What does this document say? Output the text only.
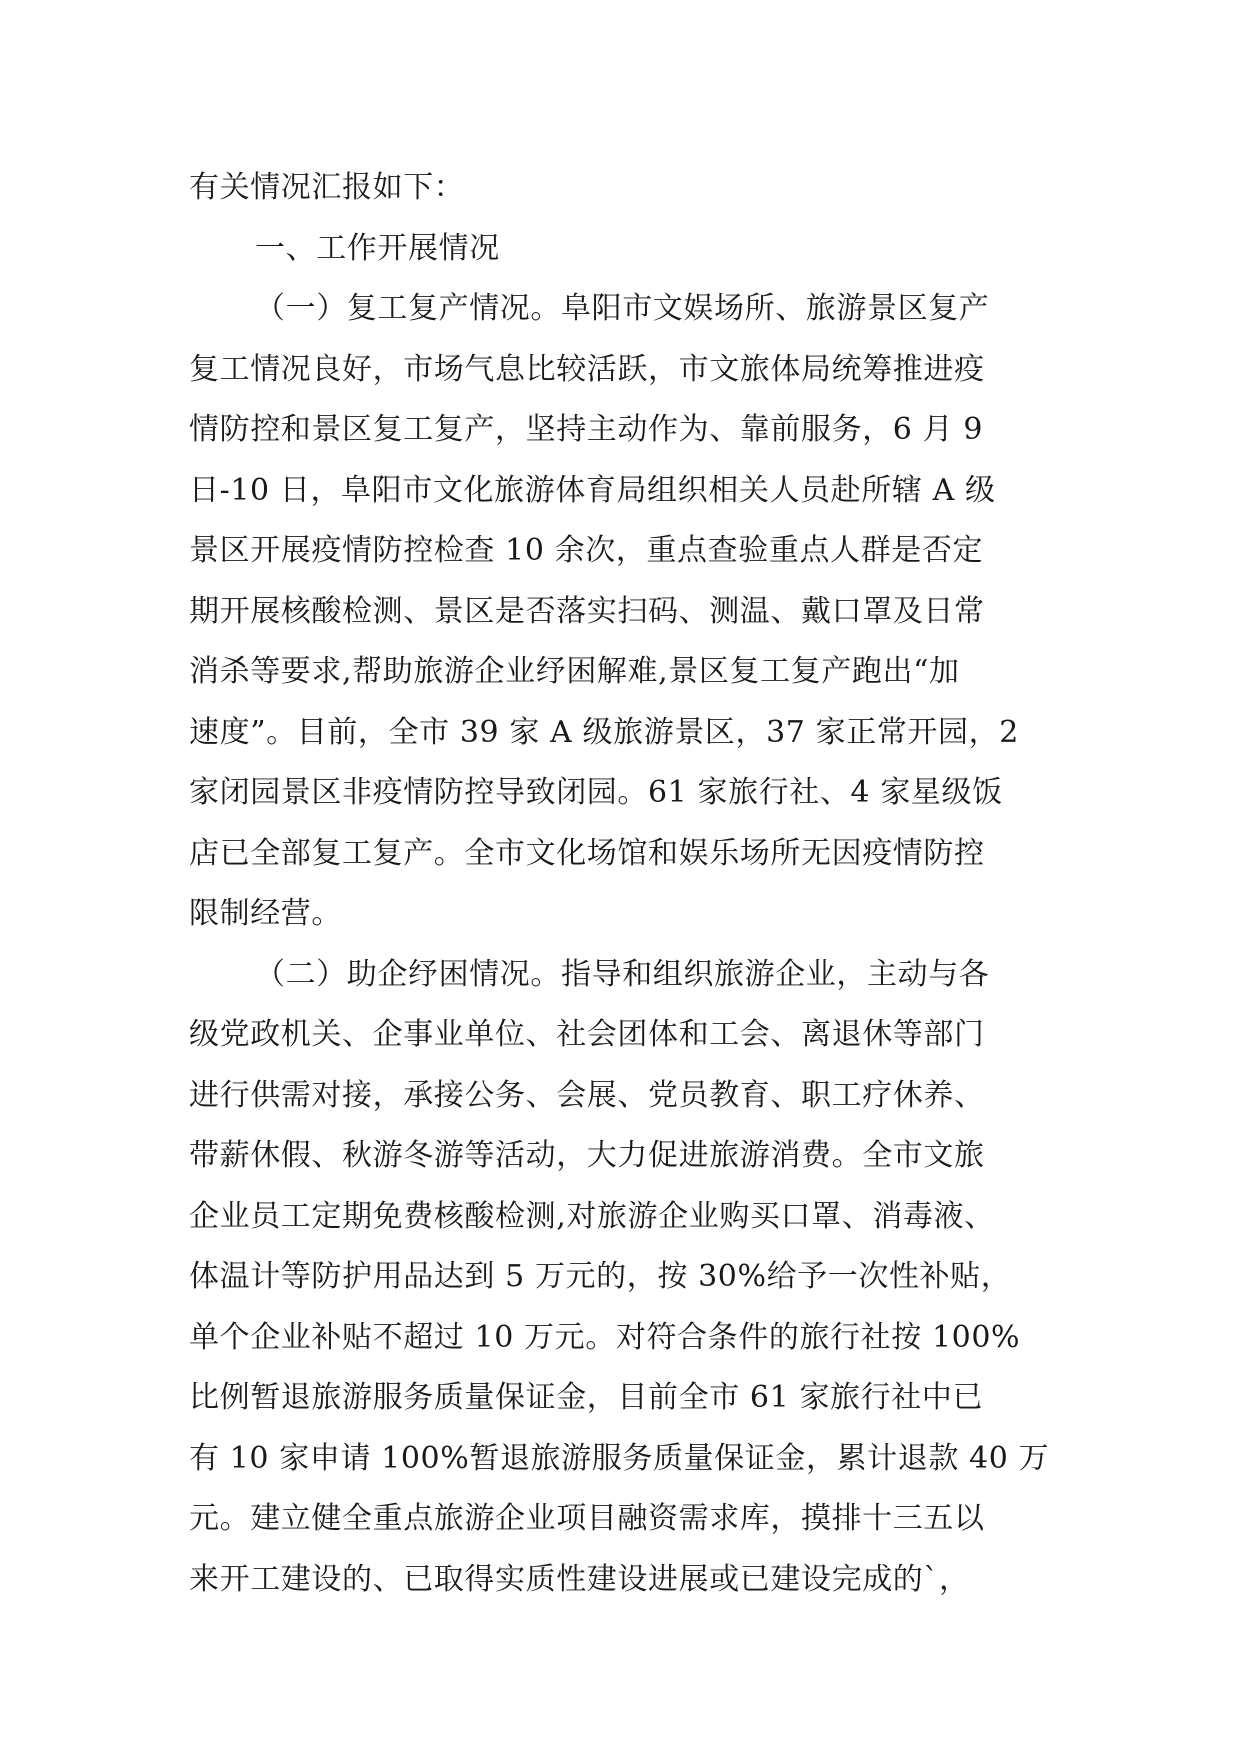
有关情况汇报如下：
一、工作开展情况
（一）复工复产情况。阜阳市文娱场所、旅游景区复产
复工情况良好，市场气息比较活跃，市文旅体局统筹推进疫
情防控和景区复工复产，坚持主动作为、靠前服务，6 月 9
日-10 日，阜阳市文化旅游体育局组织相关人员赴所辖 A 级
景区开展疫情防控检查 10 余次，重点查验重点人群是否定
期开展核酸检测、景区是否落实扫码、测温、戴口罩及日常
消杀等要求,帮助旅游企业纾困解难,景区复工复产跑出“加
速度”。目前，全市 39 家 A 级旅游景区，37 家正常开园，2
家闭园景区非疫情防控导致闭园。61 家旅行社、4 家星级饭
店已全部复工复产。全市文化场馆和娱乐场所无因疫情防控
限制经营。
（二）助企纾困情况。指导和组织旅游企业，主动与各
级党政机关、企事业单位、社会团体和工会、离退休等部门
进行供需对接，承接公务、会展、党员教育、职工疗休养、
带薪休假、秋游冬游等活动，大力促进旅游消费。全市文旅
企业员工定期免费核酸检测,对旅游企业购买口罩、消毒液、
体温计等防护用品达到 5 万元的，按 30%给予一次性补贴，
单个企业补贴不超过 10 万元。对符合条件的旅行社按 100%
比例暂退旅游服务质量保证金，目前全市 61 家旅行社中已
有 10 家申请 100%暂退旅游服务质量保证金，累计退款 40 万
元。建立健全重点旅游企业项目融资需求库，摸排十三五以
来开工建设的、已取得实质性建设进展或已建设完成的`，
